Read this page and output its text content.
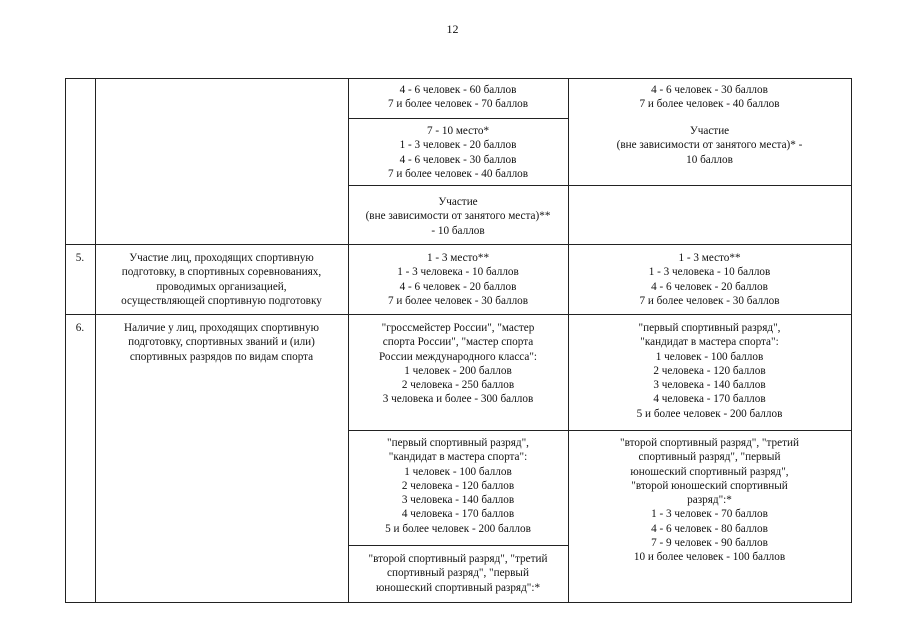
12
4 - 6 человек - 60 баллов
7 и более человек - 70 баллов
4 - 6 человек - 30 баллов
7 и более человек - 40 баллов
7 - 10 место*
1 - 3 человек - 20 баллов
4 - 6 человек - 30 баллов
7 и более человек - 40 баллов
Участие
(вне зависимости от занятого места)* -
10 баллов
Участие
(вне зависимости от занятого места)**
- 10 баллов
5.	Участие лиц, проходящих спортивную
подготовку, в спортивных соревнованиях,
проводимых организацией,
осуществляющей спортивную подготовку
1 - 3 место**
1 - 3 человека - 10 баллов
4 - 6 человек - 20 баллов
7 и более человек - 30 баллов
1 - 3 место**
1 - 3 человека - 10 баллов
4 - 6 человек - 20 баллов
7 и более человек - 30 баллов
6.	Наличие у лиц, проходящих спортивную
подготовку, спортивных званий и (или)
спортивных разрядов по видам спорта
"гроссмейстер России", "мастер
спорта России", "мастер спорта
России международного класса":
1 человек - 200 баллов
2 человека - 250 баллов
3 человека и более - 300 баллов
"первый спортивный разряд",
"кандидат в мастера спорта":
1 человек - 100 баллов
2 человека - 120 баллов
3 человека - 140 баллов
4 человека - 170 баллов
5 и более человек - 200 баллов
"первый спортивный разряд",
"кандидат в мастера спорта":
1 человек - 100 баллов
2 человека - 120 баллов
3 человека - 140 баллов
4 человека - 170 баллов
5 и более человек - 200 баллов
"второй спортивный разряд", "третий
спортивный разряд", "первый
юношеский спортивный разряд",
"второй юношеский спортивный
разряд":*
1 - 3 человек - 70 баллов
4 - 6 человек - 80 баллов
7 - 9 человек - 90 баллов
10 и более человек - 100 баллов
"второй спортивный разряд", "третий
спортивный разряд", "первый
юношеский спортивный разряд":*
